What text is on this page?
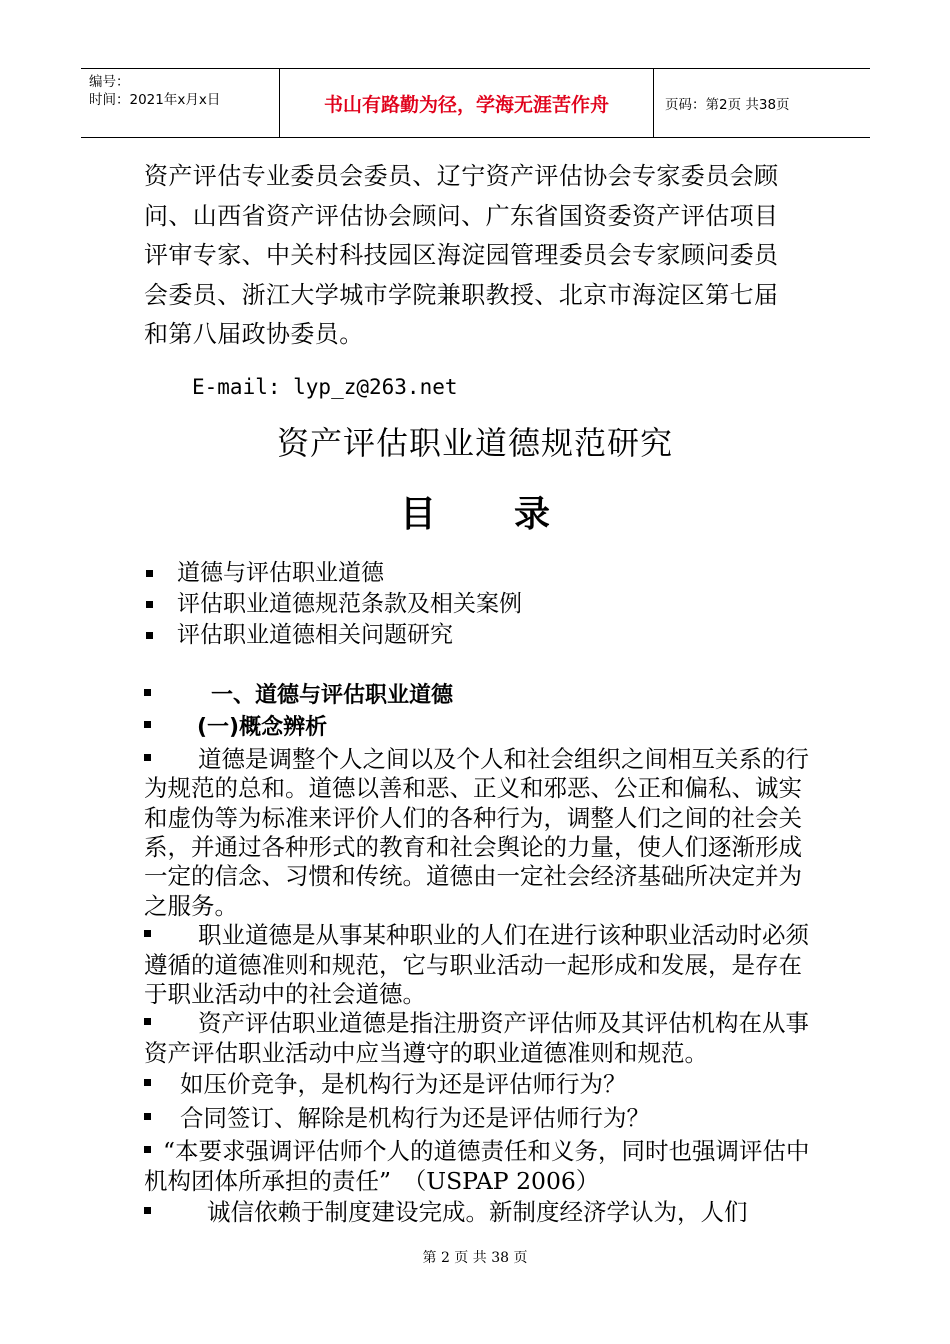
编号：
时间：2021年x月x日	书山有路勤为径，学海无涯苦作舟	页码：第2页 共38页

资产评估专业委员会委员、辽宁资产评估协会专家委员会顾

问、山西省资产评估协会顾问、广东省国资委资产评估项目

评审专家、中关村科技园区海淀园管理委员会专家顾问委员

会委员、浙江大学城市学院兼职教授、北京市海淀区第七届

和第八届政协委员。

E-mail: lyp_z@263.net

资产评估职业道德规范研究
目 录
道德与评估职业道德
评估职业道德规范条款及相关案例
评估职业道德相关问题研究

一、道德与评估职业道德

(一)概念辨析

道德是调整个人之间以及个人和社会组织之间相互关系的行为规范的总和。道德以善和恶、正义和邪恶、公正和偏私、诚实和虚伪等为标准来评价人们的各种行为，调整人们之间的社会关系，并通过各种形式的教育和社会舆论的力量，使人们逐渐形成一定的信念、习惯和传统。道德由一定社会经济基础所决定并为之服务。

职业道德是从事某种职业的人们在进行该种职业活动时必须遵循的道德准则和规范，它与职业活动一起形成和发展，是存在于职业活动中的社会道德。

资产评估职业道德是指注册资产评估师及其评估机构在从事资产评估职业活动中应当遵守的职业道德准则和规范。

如压价竞争，是机构行为还是评估师行为？

合同签订、解除是机构行为还是评估师行为？

“本要求强调评估师个人的道德责任和义务，同时也强调评估中机构团体所承担的责任”　（USPAP 2006）

诚信依赖于制度建设完成。新制度经济学认为，人们

第 2 页 共 38 页
